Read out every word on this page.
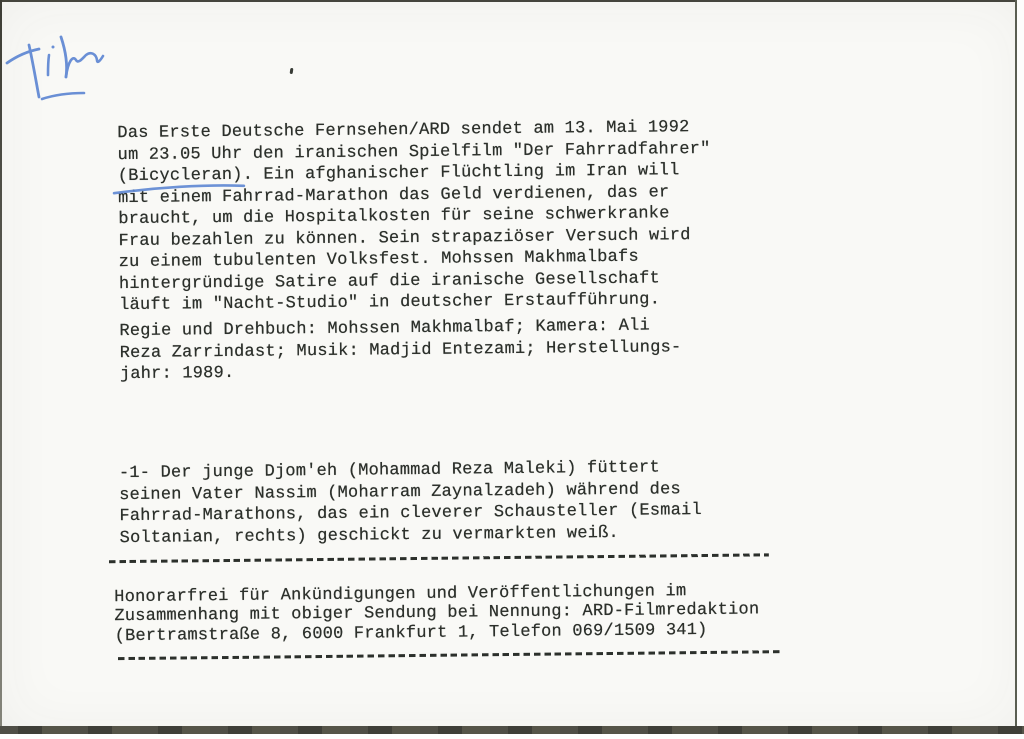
Das Erste Deutsche Fernsehen/ARD sendet am 13. Mai 1992
um 23.05 Uhr den iranischen Spielfilm "Der Fahrradfahrer"
(Bicycleran). Ein afghanischer Flüchtling im Iran will
mit einem Fahrrad-Marathon das Geld verdienen, das er
braucht, um die Hospitalkosten für seine schwerkranke
Frau bezahlen zu können. Sein strapaziöser Versuch wird
zu einem tubulenten Volksfest. Mohssen Makhmalbafs
hintergründige Satire auf die iranische Gesellschaft
läuft im "Nacht-Studio" in deutscher Erstaufführung.
Regie und Drehbuch: Mohssen Makhmalbaf; Kamera: Ali
Reza Zarrindast; Musik: Madjid Entezami; Herstellungs-
jahr: 1989.
-1- Der junge Djom'eh (Mohammad Reza Maleki) füttert
seinen Vater Nassim (Moharram Zaynalzadeh) während des
Fahrrad-Marathons, das ein cleverer Schausteller (Esmail
Soltanian, rechts) geschickt zu vermarkten weiß.
Honorarfrei für Ankündigungen und Veröffentlichungen im
Zusammenhang mit obiger Sendung bei Nennung: ARD-Filmredaktion
(Bertramstraße 8, 6000 Frankfurt 1, Telefon 069/1509 341)
